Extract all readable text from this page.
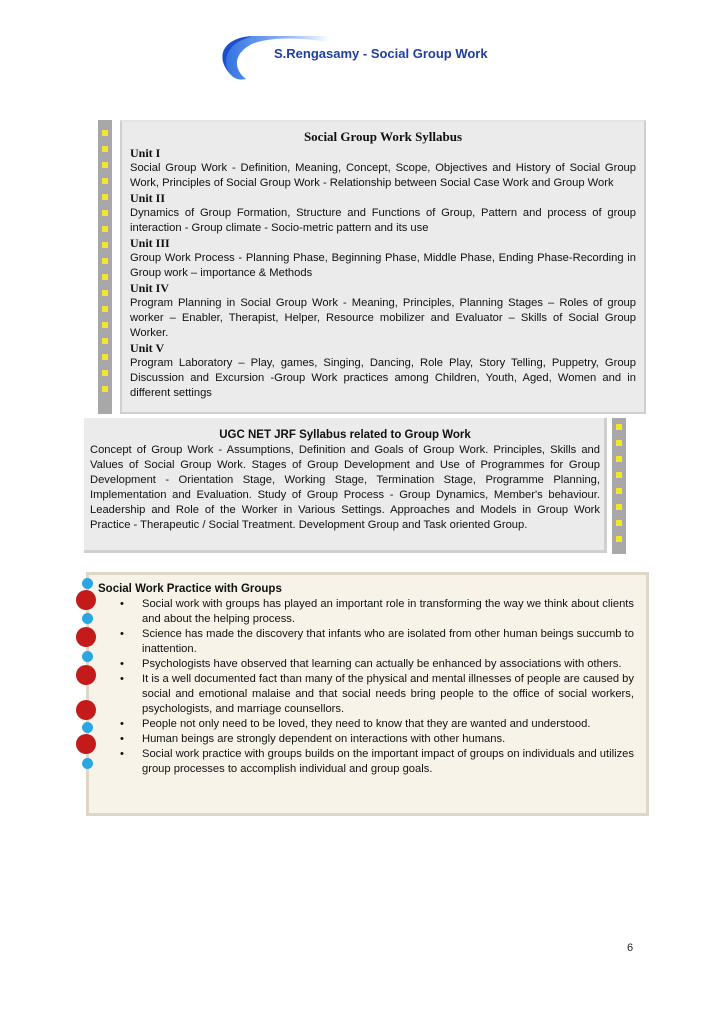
S.Rengasamy - Social Group Work
Social Group Work Syllabus
Unit I
Social Group Work - Definition, Meaning, Concept, Scope, Objectives and History of Social Group Work, Principles of Social Group Work - Relationship between Social Case Work and Group Work
Unit II
Dynamics of Group Formation, Structure and Functions of Group, Pattern and process of group interaction - Group climate - Socio-metric pattern and its use
Unit III
Group Work Process - Planning Phase, Beginning Phase, Middle Phase, Ending Phase-Recording in Group work – importance & Methods
Unit IV
Program Planning in Social Group Work - Meaning, Principles, Planning Stages – Roles of group worker – Enabler, Therapist, Helper, Resource mobilizer and Evaluator – Skills of Social Group Worker.
Unit V
Program Laboratory – Play, games, Singing, Dancing, Role Play, Story Telling, Puppetry, Group Discussion and Excursion -Group Work practices among Children, Youth, Aged, Women and in different settings
UGC NET JRF Syllabus related to Group Work
Concept of Group Work - Assumptions, Definition and Goals of Group Work. Principles, Skills and Values of Social Group Work. Stages of Group Development and Use of Programmes for Group Development - Orientation Stage, Working Stage, Termination Stage, Programme Planning, Implementation and Evaluation. Study of Group Process - Group Dynamics, Member's behaviour. Leadership and Role of the Worker in Various Settings. Approaches and Models in Group Work Practice - Therapeutic / Social Treatment. Development Group and Task oriented Group.
Social Work Practice with Groups
• Social work with groups has played an important role in transforming the way we think about clients and about the helping process.
• Science has made the discovery that infants who are isolated from other human beings succumb to inattention.
• Psychologists have observed that learning can actually be enhanced by associations with others.
• It is a well documented fact than many of the physical and mental illnesses of people are caused by social and emotional malaise and that social needs bring people to the office of social workers, psychologists, and marriage counsellors.
• People not only need to be loved, they need to know that they are wanted and understood.
• Human beings are strongly dependent on interactions with other humans.
• Social work practice with groups builds on the important impact of groups on individuals and utilizes group processes to accomplish individual and group goals.
6
